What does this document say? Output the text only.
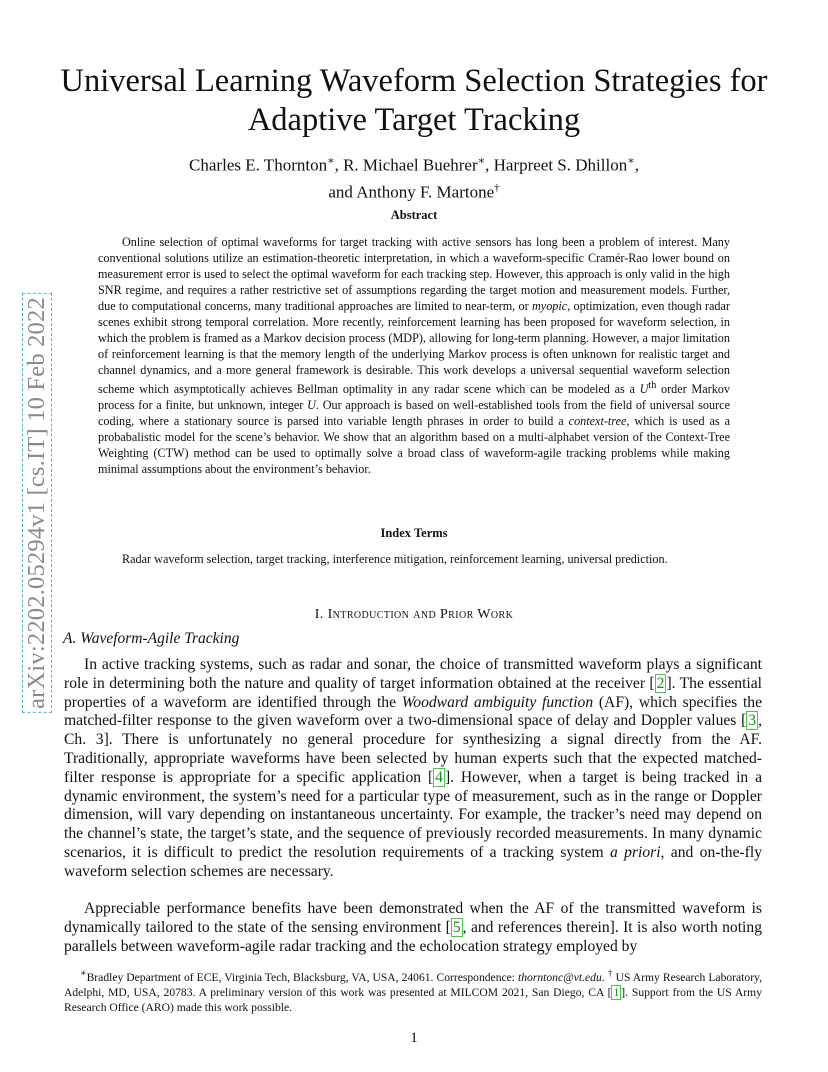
arXiv:2202.05294v1 [cs.IT] 10 Feb 2022
Universal Learning Waveform Selection Strategies for Adaptive Target Tracking
Charles E. Thornton∗, R. Michael Buehrer∗, Harpreet S. Dhillon∗,
and Anthony F. Martone†
Abstract

Online selection of optimal waveforms for target tracking with active sensors has long been a problem of interest. Many conventional solutions utilize an estimation-theoretic interpretation, in which a waveform-specific Cramér-Rao lower bound on measurement error is used to select the optimal waveform for each tracking step. However, this approach is only valid in the high SNR regime, and requires a rather restrictive set of assumptions regarding the target motion and measurement models. Further, due to computational concerns, many traditional approaches are limited to near-term, or myopic, optimization, even though radar scenes exhibit strong temporal correlation. More recently, reinforcement learning has been proposed for waveform selection, in which the problem is framed as a Markov decision process (MDP), allowing for long-term planning. However, a major limitation of reinforcement learning is that the memory length of the underlying Markov process is often unknown for realistic target and channel dynamics, and a more general framework is desirable. This work develops a universal sequential waveform selection scheme which asymptotically achieves Bellman optimality in any radar scene which can be modeled as a $U^{th}$ order Markov process for a finite, but unknown, integer U. Our approach is based on well-established tools from the field of universal source coding, where a stationary source is parsed into variable length phrases in order to build a context-tree, which is used as a probabalistic model for the scene’s behavior. We show that an algorithm based on a multi-alphabet version of the Context-Tree Weighting (CTW) method can be used to optimally solve a broad class of waveform-agile tracking problems while making minimal assumptions about the environment’s behavior.

Index Terms

Radar waveform selection, target tracking, interference mitigation, reinforcement learning, universal prediction.

I. Introduction and Prior Work
A. Waveform-Agile Tracking

In active tracking systems, such as radar and sonar, the choice of transmitted waveform plays a significant role in determining both the nature and quality of target information obtained at the receiver [ 2 ]. The essential properties of a waveform are identified through the Woodward ambiguity function (AF), which specifies the matched-filter response to the given waveform over a two-dimensional space of delay and Doppler values [ 3 , Ch. 3]. There is unfortunately no general procedure for synthesizing a signal directly from the AF. Traditionally, appropriate waveforms have been selected by human experts such that the expected matched-filter response is appropriate for a specific application [ 4 ]. However, when a target is being tracked in a dynamic environment, the system’s need for a particular type of measurement, such as in the range or Doppler dimension, will vary depending on instantaneous uncertainty. For example, the tracker’s need may depend on the channel’s state, the target’s state, and the sequence of previously recorded measurements. In many dynamic scenarios, it is difficult to predict the resolution requirements of a tracking system a priori, and on-the-fly waveform selection schemes are necessary.

Appreciable performance benefits have been demonstrated when the AF of the transmitted waveform is dynamically tailored to the state of the sensing environment [ 5 , and references therein]. It is also worth noting parallels between waveform-agile radar tracking and the echolocation strategy employed by

∗Bradley Department of ECE, Virginia Tech, Blacksburg, VA, USA, 24061. Correspondence: thorntonc@vt.edu. † US Army Research Laboratory, Adelphi, MD, USA, 20783. A preliminary version of this work was presented at MILCOM 2021, San Diego, CA [ 1 ]. Support from the US Army Research Office (ARO) made this work possible.

1
